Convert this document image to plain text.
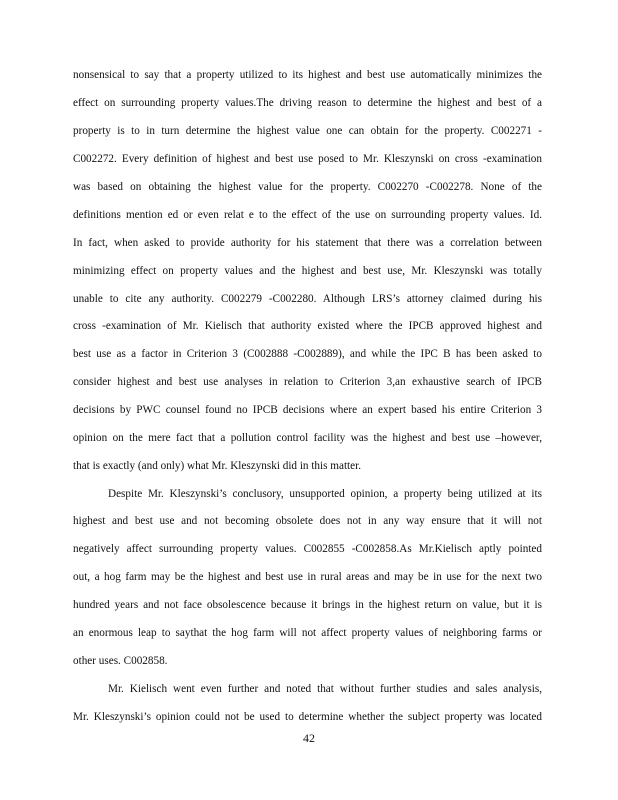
nonsensical to say that a property utilized to its highest and best use automatically minimizes the
effect on surrounding property values.The driving reason to determine the highest and best of a
property is to in turn determine the highest value one can obtain for the property. C002271 -
C002272. Every definition of highest and best use posed to Mr. Kleszynski on cross -examination
was based on obtaining the highest value for the property. C002270 -C002278. None of the
definitions mention ed or even relat e to the effect of the use on surrounding property values. Id.
In fact, when asked to provide authority for his statement that there was a correlation between
minimizing effect on property values and the highest and best use, Mr. Kleszynski was totally
unable to cite any authority. C002279 -C002280. Although LRS’s attorney claimed during his
cross -examination of Mr. Kielisch that authority existed where the IPCB approved highest and
best use as a factor in Criterion 3 (C002888 -C002889), and while the IPC B has been asked to
consider highest and best use analyses in relation to Criterion 3,an exhaustive search of IPCB
decisions by PWC counsel found no IPCB decisions where an expert based his entire Criterion 3
opinion on the mere fact that a pollution control facility was the highest and best use –however,
that is exactly (and only) what Mr. Kleszynski did in this matter.
Despite Mr. Kleszynski’s conclusory, unsupported opinion, a property being utilized at its
highest and best use and not becoming obsolete does not in any way ensure that it will not
negatively affect surrounding property values. C002855 -C002858.As Mr.Kielisch aptly pointed
out, a hog farm may be the highest and best use in rural areas and may be in use for the next two
hundred years and not face obsolescence because it brings in the highest return on value, but it is
an enormous leap to saythat the hog farm will not affect property values of neighboring farms or
other uses. C002858.
Mr. Kielisch went even further and noted that without further studies and sales analysis,
Mr. Kleszynski’s opinion could not be used to determine whether the subject property was located
42
